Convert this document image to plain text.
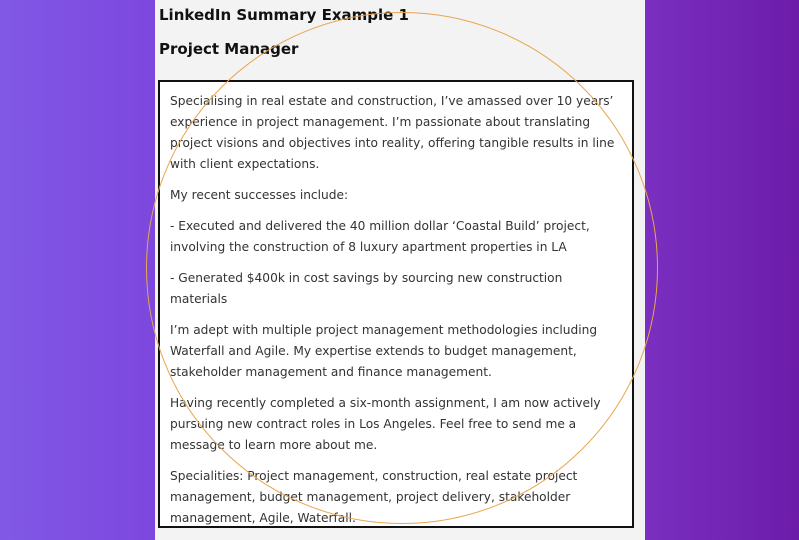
LinkedIn Summary Example 1
Project Manager

Specialising in real estate and construction, I’ve amassed over 10 years’ experience in project management. I’m passionate about translating project visions and objectives into reality, offering tangible results in line with client expectations.

My recent successes include:

- Executed and delivered the 40 million dollar ‘Coastal Build’ project, involving the construction of 8 luxury apartment properties in LA

- Generated $400k in cost savings by sourcing new construction materials

I’m adept with multiple project management methodologies including Waterfall and Agile. My expertise extends to budget management, stakeholder management and finance management.

Having recently completed a six-month assignment, I am now actively pursuing new contract roles in Los Angeles. Feel free to send me a message to learn more about me.

Specialities: Project management, construction, real estate project management, budget management, project delivery, stakeholder management, Agile, Waterfall.
